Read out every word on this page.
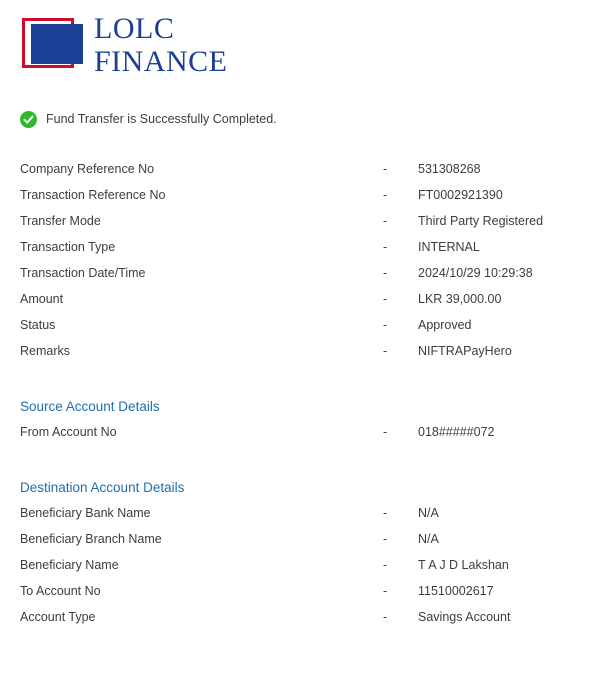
LOLC
FINANCE
Fund Transfer is Successfully Completed.
Company Reference No	-	531308268
Transaction Reference No	-	FT0002921390
Transfer Mode	-	Third Party Registered
Transaction Type	-	INTERNAL
Transaction Date/Time	-	2024/10/29 10:29:38
Amount	-	LKR 39,000.00
Status	-	Approved
Remarks	-	NIFTRAPayHero
Source Account Details
From Account No	-	018#####072
Destination Account Details
Beneficiary Bank Name	-	N/A
Beneficiary Branch Name	-	N/A
Beneficiary Name	-	T A J D Lakshan
To Account No	-	11510002617
Account Type	-	Savings Account
